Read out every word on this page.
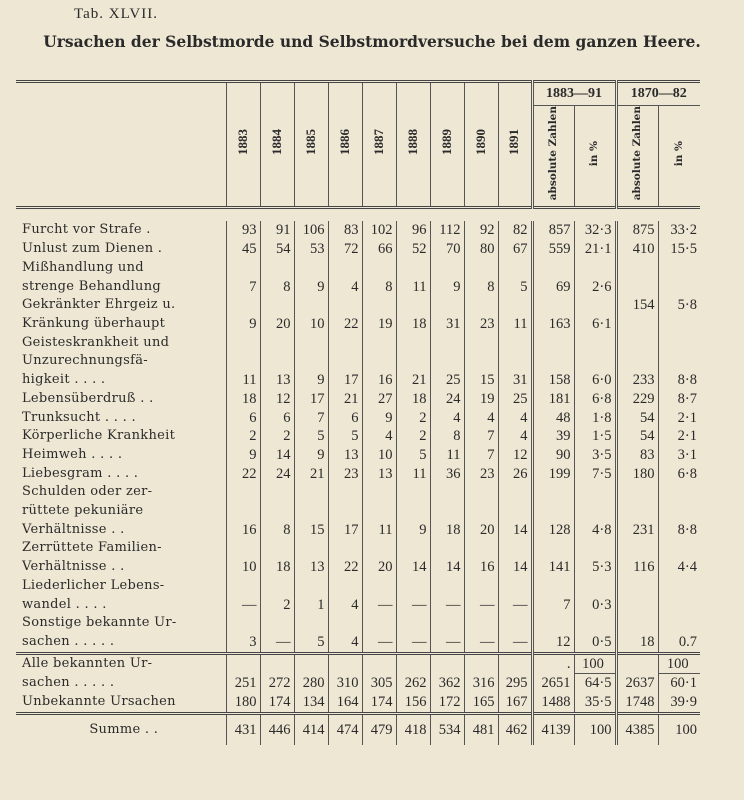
Tab. XLVII.
Ursachen der Selbstmorde und Selbstmordversuche bei dem ganzen Heere.
	1883	1884	1885	1886	1887	1888	1889	1890	1891	1883—91		1870—82	
										absolute Zahlen	in %	absolute Zahlen	in %

Furcht vor Strafe .	93	91	106	83	102	96	112	92	82	857	32·3	875	33·2
Unlust zum Dienen .	45	54	53	72	66	52	70	80	67	559	21·1	410	15·5
Mißhandlung und													
strenge Behandlung	7	8	9	4	8	11	9	8	5	69	2·6		
Gekränkter Ehrgeiz u.												154	5·8
Kränkung überhaupt	9	20	10	22	19	18	31	23	11	163	6·1		
Geisteskrankheit und													
Unzurechnungsfä-													
higkeit . . . .	11	13	9	17	16	21	25	15	31	158	6·0	233	8·8
Lebensüberdruß . .	18	12	17	21	27	18	24	19	25	181	6·8	229	8·7
Trunksucht . . . .	6	6	7	6	9	2	4	4	4	48	1·8	54	2·1
Körperliche Krankheit	2	2	5	5	4	2	8	7	4	39	1·5	54	2·1
Heimweh . . . .	9	14	9	13	10	5	11	7	12	90	3·5	83	3·1
Liebesgram . . . .	22	24	21	23	13	11	36	23	26	199	7·5	180	6·8
Schulden oder zer-													
rüttete pekuniäre													
Verhältnisse . .	16	8	15	17	11	9	18	20	14	128	4·8	231	8·8
Zerrüttete Familien-													
Verhältnisse . .	10	18	13	22	20	14	14	16	14	141	5·3	116	4·4
Liederlicher Lebens-													
wandel . . . .	—	2	1	4	—	—	—	—	—	7	0·3		
Sonstige bekannte Ur-													
sachen . . . . .	3	—	5	4	—	—	—	—	—	12	0·5	18	0.7
Alle bekannten Ur-										.	100		100
sachen . . . . .	251	272	280	310	305	262	362	316	295	2651	64·5	2637	60·1
Unbekannte Ursachen	180	174	134	164	174	156	172	165	167	1488	35·5	1748	39·9
Summe . .	431	446	414	474	479	418	534	481	462	4139	100	4385	100
